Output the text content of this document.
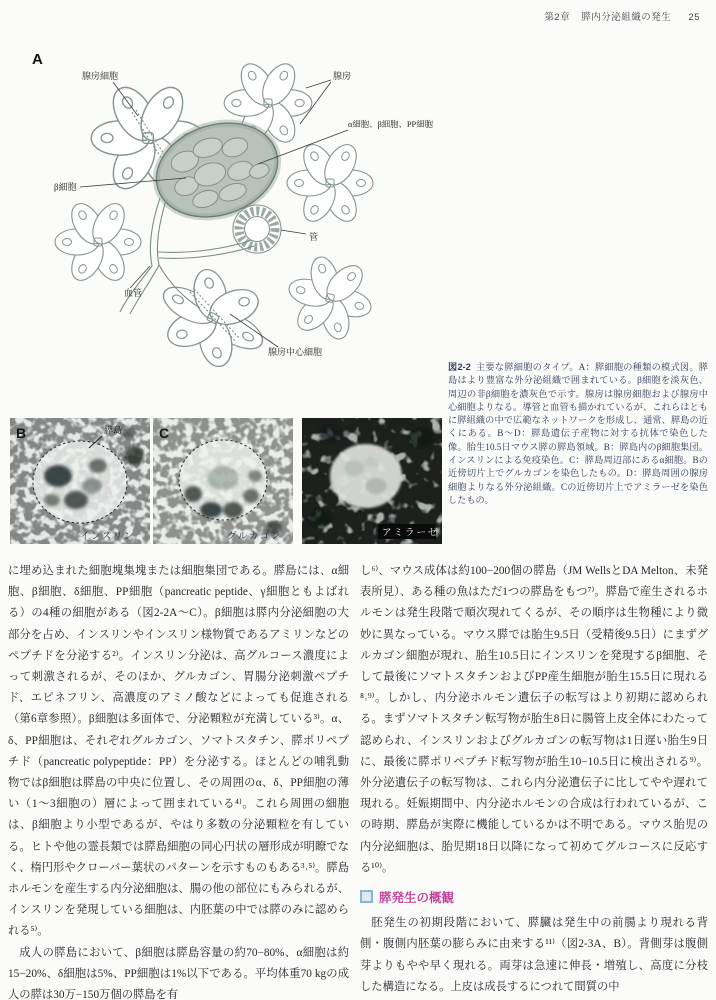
第2章 膵内分泌組織の発生 25
A
腺房細胞	腺房
α細胞、β細胞、PP細胞
β細胞
管
血管
腺房中心細胞
B	膵島
インスリン
C
グルカゴン	アミラーゼ
図2-2 主要な膵細胞のタイプ。A：膵細胞の種類の模式図。膵島はより豊富な外分泌組織で囲まれている。β細胞を淡灰色、周辺の非β細胞を濃灰色で示す。腺房は腺房細胞および腺房中心細胞よりなる。導管と血管も描かれているが、これらはともに膵組織の中で広範なネットワークを形成し、通常、膵島の近くにある。B〜D：膵島遺伝子産物に対する抗体で染色した像。胎生10.5日マウス膵の膵島領域。B：膵島内のβ細胞集団。インスリンによる免疫染色。C：膵島周辺部にあるα細胞。Bの近傍切片上でグルカゴンを染色したもの。D：膵島周囲の腺房細胞よりなる外分泌組織。Cの近傍切片上でアミラーゼを染色したもの。

に埋め込まれた細胞塊集塊または細胞集団である。膵島には、α細胞、β細胞、δ細胞、PP細胞（pancreatic peptide、γ細胞ともよばれる）の4種の細胞がある（図2-2A〜C）。β細胞は膵内分泌細胞の大部分を占め、インスリンやインスリン様物質であるアミリンなどのペプチドを分泌する²⁾。インスリン分泌は、高グルコース濃度によって刺激されるが、そのほか、グルカゴン、胃腸分泌刺激ペプチド、エピネフリン、高濃度のアミノ酸などによっても促進される（第6章参照）。β細胞は多面体で、分泌顆粒が充満している³⁾。α、δ、PP細胞は、それぞれグルカゴン、ソマトスタチン、膵ポリペプチド（pancreatic polypeptide：PP）を分泌する。ほとんどの哺乳動物ではβ細胞は膵島の中央に位置し、その周囲のα、δ、PP細胞の薄い（1〜3細胞の）層によって囲まれている⁴⁾。これら周囲の細胞は、β細胞より小型であるが、やはり多数の分泌顆粒を有している。ヒトや他の霊長類では膵島細胞の同心円状の層形成が明瞭でなく、楕円形やクローバー葉状のパターンを示すものもある³˒⁵⁾。膵島ホルモンを産生する内分泌細胞は、腸の他の部位にもみられるが、インスリンを発現している細胞は、内胚葉の中では膵のみに認められる⁵⁾。

成人の膵島において、β細胞は膵島容量の約70−80%、α細胞は約15−20%、δ細胞は5%、PP細胞は1%以下である。平均体重70 kgの成人の膵は30万−150万個の膵島を有

し⁶⁾、マウス成体は約100−200個の膵島（JM WellsとDA Melton、未発表所見）、ある種の魚はただ1つの膵島をもつ⁷⁾。膵島で産生されるホルモンは発生段階で順次現れてくるが、その順序は生物種により微妙に異なっている。マウス膵では胎生9.5日（受精後9.5日）にまずグルカゴン細胞が現れ、胎生10.5日にインスリンを発現するβ細胞、そして最後にソマトスタチンおよびPP産生細胞が胎生15.5日に現れる⁸˒⁹⁾。しかし、内分泌ホルモン遺伝子の転写はより初期に認められる。まずソマトスタチン転写物が胎生8日に腸管上皮全体にわたって認められ、インスリンおよびグルカゴンの転写物は1日遅い胎生9日に、最後に膵ポリペプチド転写物が胎生10−10.5日に検出される⁹⁾。外分泌遺伝子の転写物は、これら内分泌遺伝子に比してやや遅れて現れる。妊娠期間中、内分泌ホルモンの合成は行われているが、この時期、膵島が実際に機能しているかは不明である。マウス胎児の内分泌細胞は、胎児期18日以降になって初めてグルコースに反応する¹⁰⁾。

膵発生の概観

胚発生の初期段階において、膵臓は発生中の前腸より現れる背側・腹側内胚葉の膨らみに由来する¹¹⁾（図2-3A、B）。背側芽は腹側芽よりもやや早く現れる。両芽は急速に伸長・増殖し、高度に分枝した構造になる。上皮は成長するにつれて間質の中
